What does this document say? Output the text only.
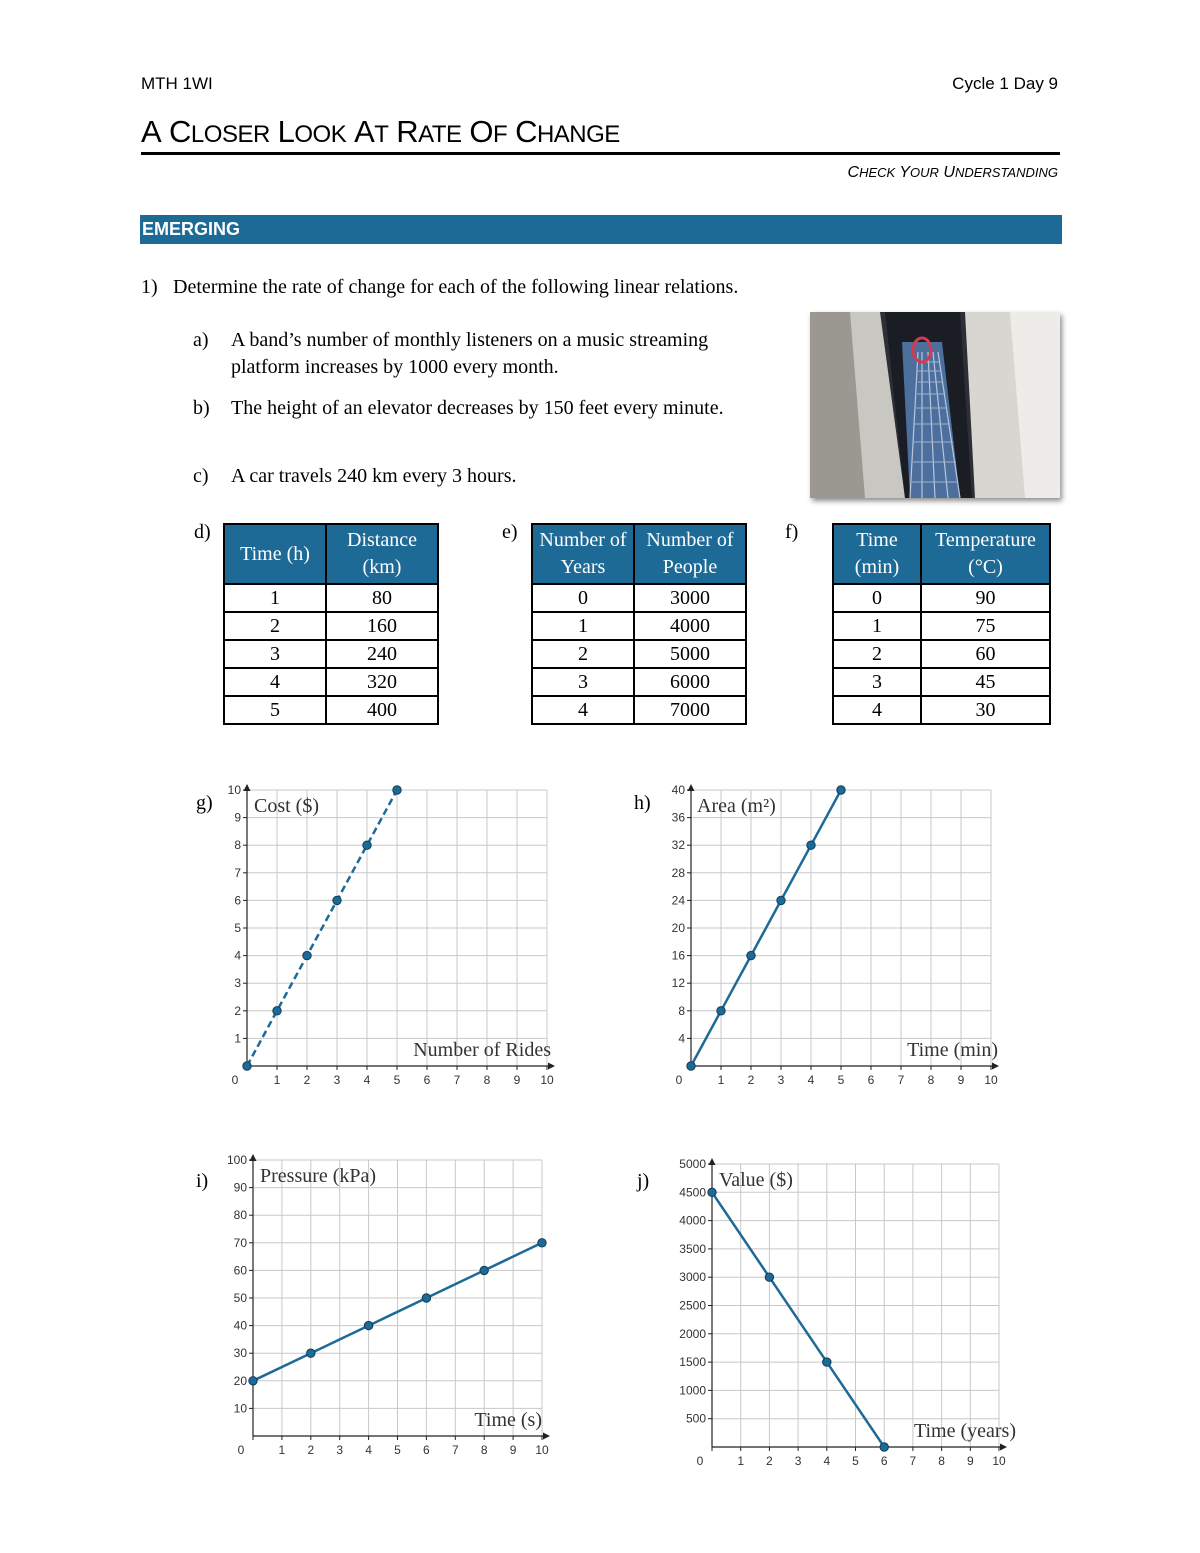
MTH 1WI	Cycle 1 Day 9
A CLOSER LOOK AT RATE OF CHANGE
CHECK YOUR UNDERSTANDING
EMERGING
1) Determine the rate of change for each of the following linear relations.
a) A band’s number of monthly listeners on a music streaming platform increases by 1000 every month.
b) The height of an elevator decreases by 150 feet every minute.
c) A car travels 240 km every 3 hours.
d)
Time (h)	Distance (km)
1	80
2	160
3	240
4	320
5	400
e) Number of Years	Number of People
0	3000
1	4000
2	5000
3	6000
4	7000
f)	Time (min)	Temperature (°C)
0	90
1	75
2	60
3	45
4	30
g)
0	1 2 3 4 5 6 7 8 9 10
1
2
3
4
5
6
7
8
9
10
Cost ($)
Number of Rides
h)
0	1 2 3 4 5 6 7 8 9 10
4
8
12
16
20
24
28
32
36
40
Area (m²)
Time (min)
i)
0	1 2 3 4 5 6 7 8 9 10
10
20
30
40
50
60
70
80
90
100
Pressure (kPa)
Time (s)
j)
0	1 2 3 4 5 6 7 8 9 10
500
1000
1500
2000
2500
3000
3500
4000
4500
5000
Value ($)
Time (years)
